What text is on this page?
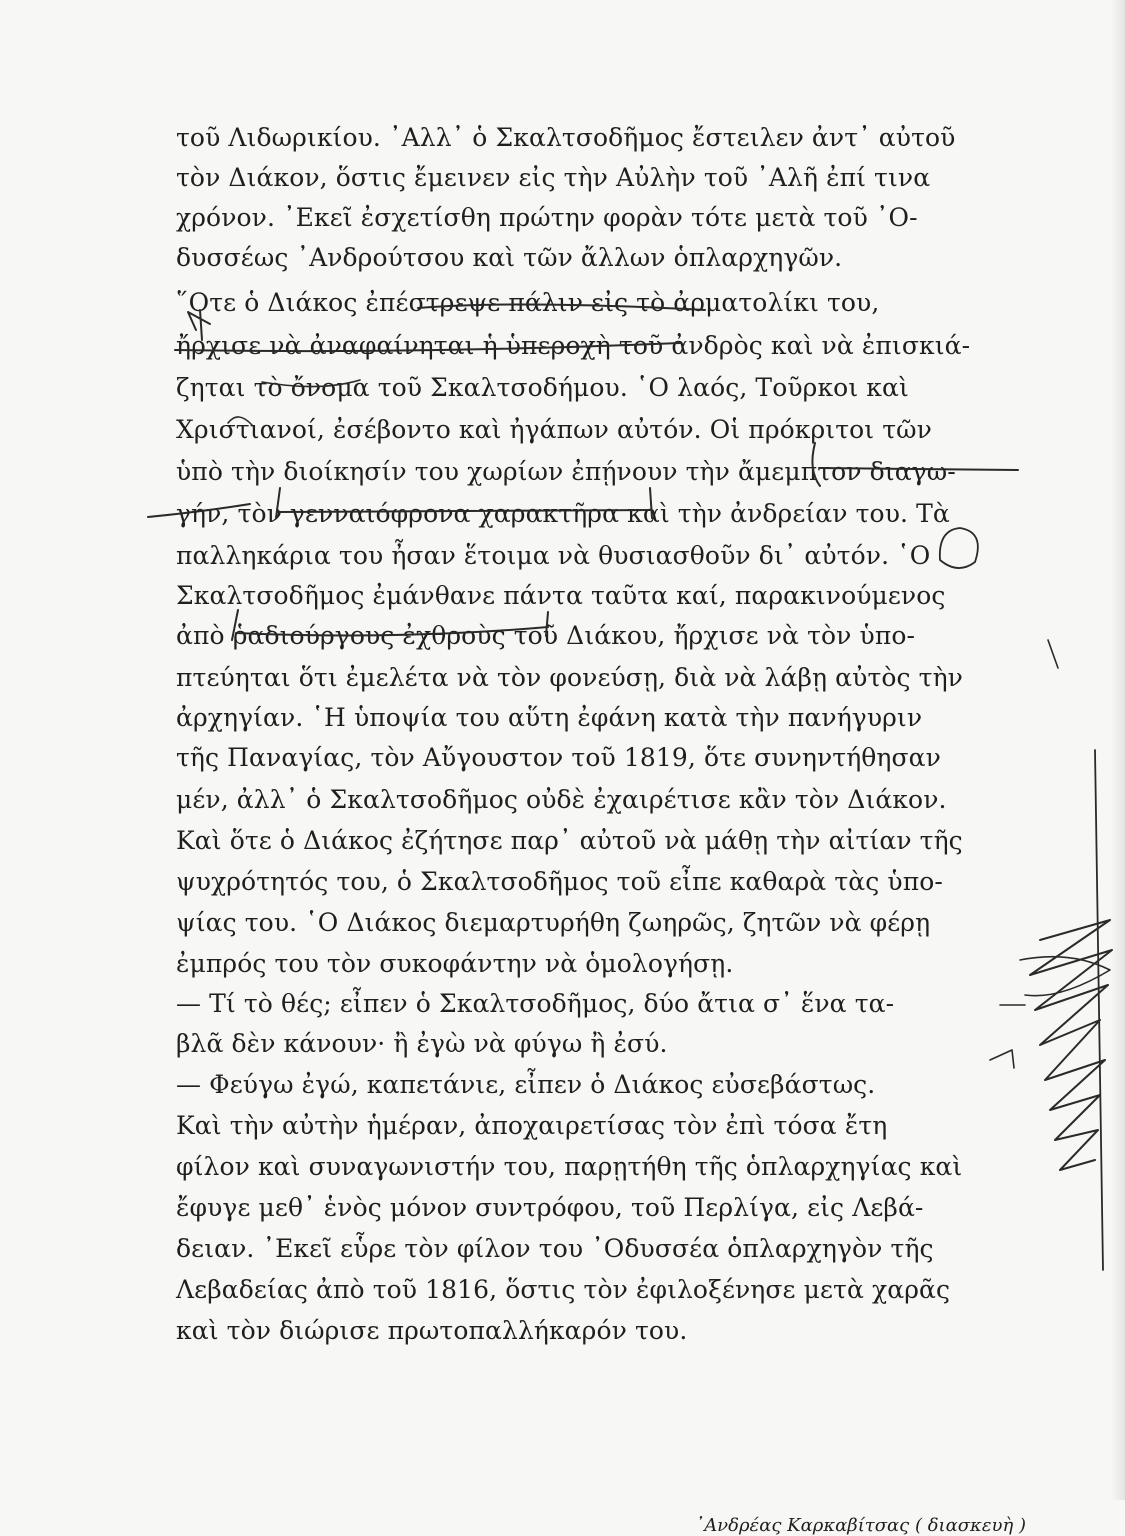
τοῦ Λιδωρικίου. ᾿Αλλ᾿ ὁ Σκαλτσοδῆμος ἔστειλεν ἀντ᾿ αὐτοῦ
τὸν Διάκον, ὅστις ἔμεινεν εἰς τὴν Αὐλὴν τοῦ ᾿Αλῆ ἐπί τινα
χρόνον. ᾿Εκεῖ ἐσχετίσθη πρώτην φορὰν τότε μετὰ τοῦ ᾿Ο-
δυσσέως ᾿Ανδρούτσου καὶ τῶν ἄλλων ὁπλαρχηγῶν.
῞Οτε ὁ Διάκος ἐπέστρεψε πάλιν εἰς τὸ ἀρματολίκι του,
ἤρχισε νὰ ἀναφαίνηται ἡ ὑπεροχὴ τοῦ ἀνδρὸς καὶ νὰ ἐπισκιά-
ζηται τὸ ὄνομα τοῦ Σκαλτσοδήμου. ῾Ο λαός, Τοῦρκοι καὶ
Χριστιανοί, ἐσέβοντο καὶ ἠγάπων αὐτόν. Οἱ πρόκριτοι τῶν
ὑπὸ τὴν διοίκησίν του χωρίων ἐπῄνουν τὴν ἄμεμπτον διαγω-
γήν, τὸν γενναιόφρονα χαρακτῆρα καὶ τὴν ἀνδρείαν του. Τὰ
παλληκάρια του ἦσαν ἕτοιμα νὰ θυσιασθοῦν δι᾿ αὐτόν. ῾Ο
Σκαλτσοδῆμος ἐμάνθανε πάντα ταῦτα καί, παρακινούμενος
ἀπὸ ῥαδιούργους ἐχθροὺς τοῦ Διάκου, ἤρχισε νὰ τὸν ὑπο-
πτεύηται ὅτι ἐμελέτα νὰ τὸν φονεύσῃ, διὰ νὰ λάβῃ αὐτὸς τὴν
ἀρχηγίαν. ῾Η ὑποψία του αὕτη ἐφάνη κατὰ τὴν πανήγυριν
τῆς Παναγίας, τὸν Αὔγουστον τοῦ 1819, ὅτε συνηντήθησαν
μέν, ἀλλ᾿ ὁ Σκαλτσοδῆμος οὐδὲ ἐχαιρέτισε κἂν τὸν Διάκον.
Καὶ ὅτε ὁ Διάκος ἐζήτησε παρ᾿ αὐτοῦ νὰ μάθῃ τὴν αἰτίαν τῆς
ψυχρότητός του, ὁ Σκαλτσοδῆμος τοῦ εἶπε καθαρὰ τὰς ὑπο-
ψίας του. ῾Ο Διάκος διεμαρτυρήθη ζωηρῶς, ζητῶν νὰ φέρῃ
ἐμπρός του τὸν συκοφάντην νὰ ὁμολογήσῃ.
— Τί τὸ θές; εἶπεν ὁ Σκαλτσοδῆμος, δύο ἄτια σ᾿ ἕνα τα-
βλᾶ δὲν κάνουν· ἢ ἐγὼ νὰ φύγω ἢ ἐσύ.
— Φεύγω ἐγώ, καπετάνιε, εἶπεν ὁ Διάκος εὐσεβάστως.
Καὶ τὴν αὐτὴν ἡμέραν, ἀποχαιρετίσας τὸν ἐπὶ τόσα ἔτη
φίλον καὶ συναγωνιστήν του, παρῃτήθη τῆς ὁπλαρχηγίας καὶ
ἔφυγε μεθ᾿ ἑνὸς μόνον συντρόφου, τοῦ Περλίγα, εἰς Λεβά-
δειαν. ᾿Εκεῖ εὗρε τὸν φίλον του ᾿Οδυσσέα ὁπλαρχηγὸν τῆς
Λεβαδείας ἀπὸ τοῦ 1816, ὅστις τὸν ἐφιλοξένησε μετὰ χαρᾶς
καὶ τὸν διώρισε πρωτοπαλλήκαρόν του.
᾿Ανδρέας Καρκαβίτσας ( διασκευὴ )
